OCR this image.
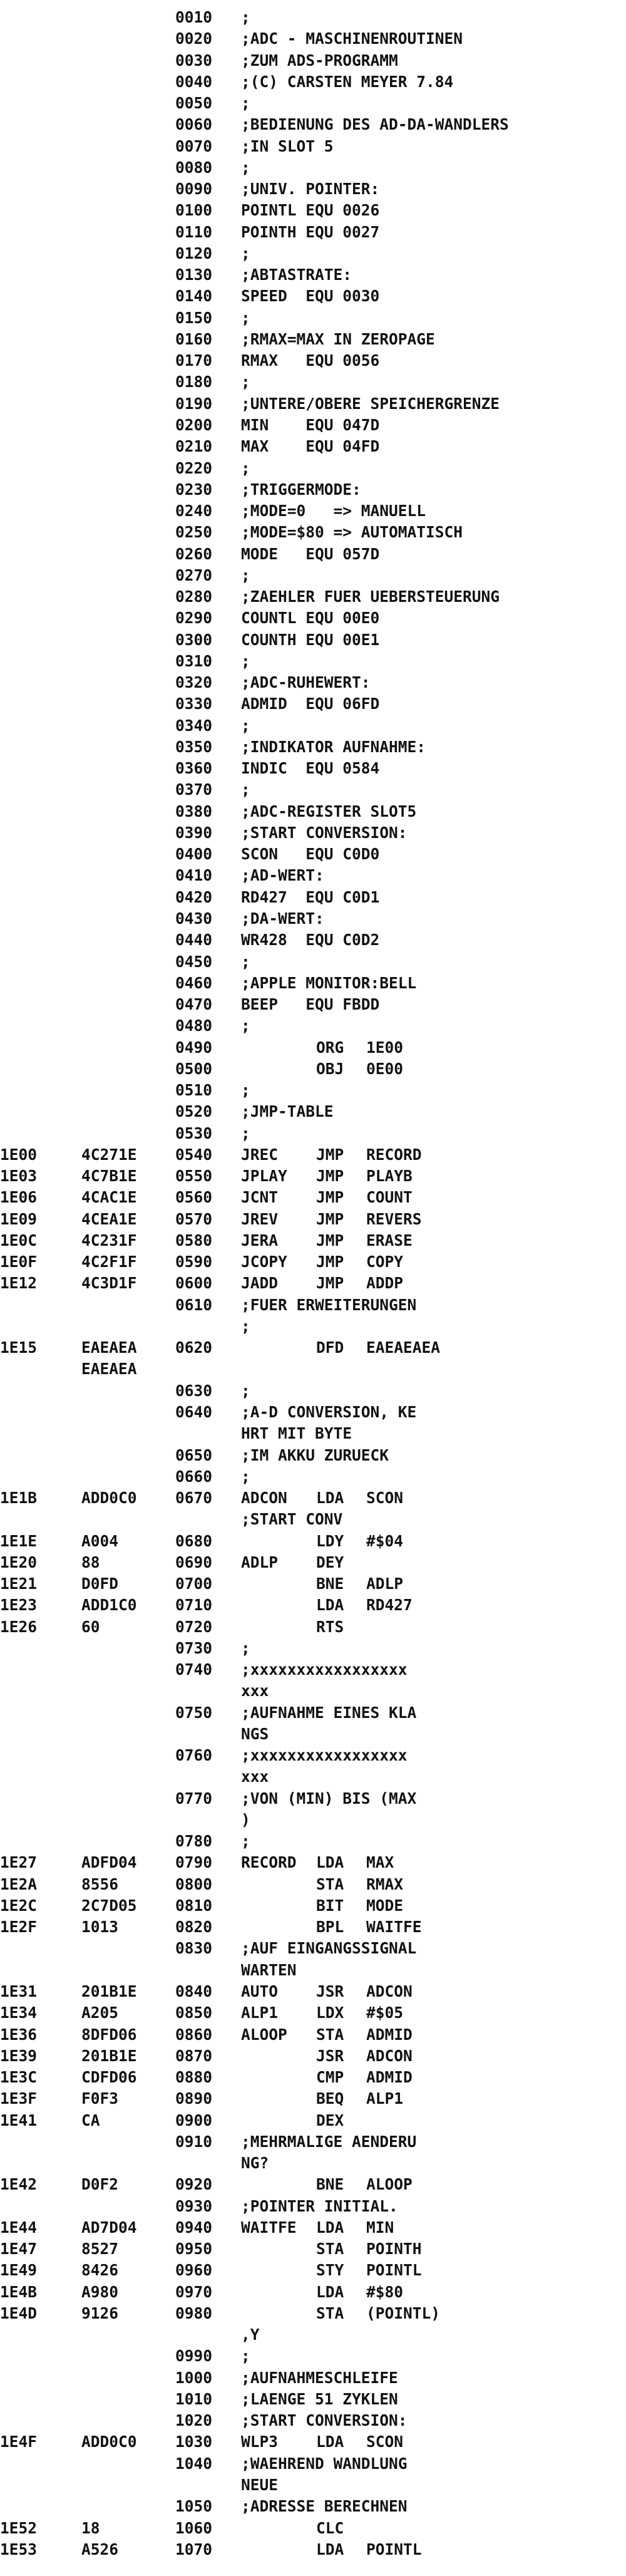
0010 ;
0020 ;ADC - MASCHINENROUTINEN
0030 ;ZUM ADS-PROGRAMM
0040 ;(C) CARSTEN MEYER 7.84
0050 ;
0060 ;BEDIENUNG DES AD-DA-WANDLERS
0070 ;IN SLOT 5
0080 ;
0090 ;UNIV. POINTER:
0100 POINTL EQU 0026
0110 POINTH EQU 0027
0120 ;
0130 ;ABTASTRATE:
0140 SPEED  EQU 0030
0150 ;
0160 ;RMAX=MAX IN ZEROPAGE
0170 RMAX   EQU 0056
0180 ;
0190 ;UNTERE/OBERE SPEICHERGRENZE
0200 MIN    EQU 047D
0210 MAX    EQU 04FD
0220 ;
0230 ;TRIGGERMODE:
0240 ;MODE=0   => MANUELL
0250 ;MODE=$80 => AUTOMATISCH
0260 MODE   EQU 057D
0270 ;
0280 ;ZAEHLER FUER UEBERSTEUERUNG
0290 COUNTL EQU 00E0
0300 COUNTH EQU 00E1
0310 ;
0320 ;ADC-RUHEWERT:
0330 ADMID  EQU 06FD
0340 ;
0350 ;INDIKATOR AUFNAHME:
0360 INDIC  EQU 0584
0370 ;
0380 ;ADC-REGISTER SLOT5
0390 ;START CONVERSION:
0400 SCON   EQU C0D0
0410 ;AD-WERT:
0420 RD427  EQU C0D1
0430 ;DA-WERT:
0440 WR428  EQU C0D2
0450 ;
0460 ;APPLE MONITOR:BELL
0470 BEEP   EQU FBDD
0480 ;
0490	ORG 1E00
0500	OBJ 0E00
0510 ;
0520 ;JMP-TABLE
0530 ;
1E00	4C271E	0540 JREC JMP RECORD
1E03	4C7B1E	0550 JPLAY JMP PLAYB
1E06	4CAC1E	0560 JCNT JMP COUNT
1E09	4CEA1E	0570 JREV JMP REVERS
1E0C	4C231F	0580 JERA JMP ERASE
1E0F	4C2F1F	0590 JCOPY JMP COPY
1E12	4C3D1F	0600 JADD JMP ADDP
0610 ;FUER ERWEITERUNGEN
;
1E15	EAEAEA	0620	DFD EAEAEAEA
EAEAEA
0630 ;
0640 ;A-D CONVERSION, KE
HRT MIT BYTE
0650 ;IM AKKU ZURUECK
0660 ;
1E1B	ADD0C0	0670 ADCON LDA SCON
;START CONV
1E1E	A004	0680	LDY #$04
1E20	88	0690 ADLP DEY
1E21	D0FD	0700	BNE ADLP
1E23	ADD1C0	0710	LDA RD427
1E26	60	0720	RTS
0730 ;
0740 ;xxxxxxxxxxxxxxxxx
xxx
0750 ;AUFNAHME EINES KLA
NGS
0760 ;xxxxxxxxxxxxxxxxx
xxx
0770 ;VON (MIN) BIS (MAX
)
0780 ;
1E27	ADFD04	0790 RECORD LDA MAX
1E2A	8556	0800	STA RMAX
1E2C	2C7D05	0810	BIT MODE
1E2F	1013	0820	BPL WAITFE
0830 ;AUF EINGANGSSIGNAL
WARTEN
1E31	201B1E	0840 AUTO JSR ADCON
1E34	A205	0850 ALP1 LDX #$05
1E36	8DFD06	0860 ALOOP STA ADMID
1E39	201B1E	0870	JSR ADCON
1E3C	CDFD06	0880	CMP ADMID
1E3F	F0F3	0890	BEQ ALP1
1E41	CA	0900	DEX
0910 ;MEHRMALIGE AENDERU
NG?
1E42	D0F2	0920	BNE ALOOP
0930 ;POINTER INITIAL.
1E44	AD7D04	0940 WAITFE LDA MIN
1E47	8527	0950	STA POINTH
1E49	8426	0960	STY POINTL
1E4B	A980	0970	LDA #$80
1E4D	9126	0980	STA (POINTL)
,Y
0990 ;
1000 ;AUFNAHMESCHLEIFE
1010 ;LAENGE 51 ZYKLEN
1020 ;START CONVERSION:
1E4F	ADD0C0	1030 WLP3 LDA SCON
1040 ;WAEHREND WANDLUNG
NEUE
1050 ;ADRESSE BERECHNEN
1E52	18	1060	CLC
1E53	A526	1070	LDA POINTL
